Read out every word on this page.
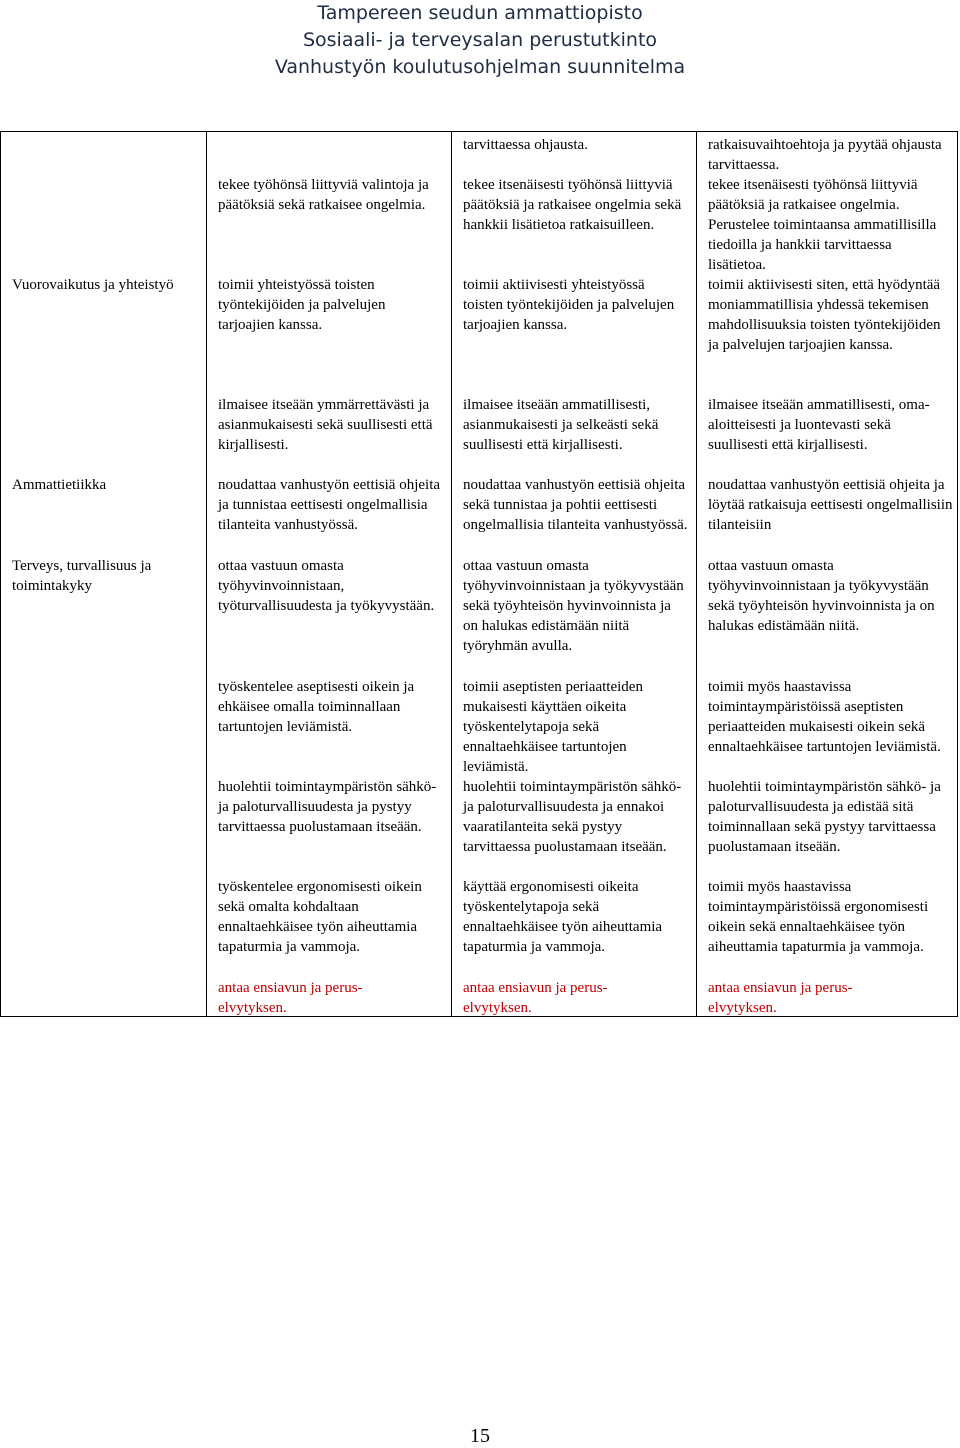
Tampereen seudun ammattiopisto
Sosiaali- ja terveysalan perustutkinto
Vanhustyön koulutusohjelman suunnitelma
Vuorovaikutus ja yhteistyö
Ammattietiikka
Terveys, turvallisuus ja toimintakyky
tekee työhönsä liittyviä valintoja ja päätöksiä sekä ratkaisee ongelmia.
toimii yhteistyössä toisten työntekijöiden ja palvelujen tarjoajien kanssa.
ilmaisee itseään ymmärrettävästi ja asianmukaisesti sekä suullisesti että kirjallisesti.
noudattaa vanhustyön eettisiä ohjeita ja tunnistaa eettisesti ongelmallisia tilanteita vanhustyössä.
ottaa vastuun omasta työhyvinvoinnistaan, työturvallisuudesta ja työkyvystään.
työskentelee aseptisesti oikein ja ehkäisee omalla toiminnallaan tartuntojen leviämistä.
huolehtii toimintaympäristön sähkö- ja paloturvallisuudesta ja pystyy tarvittaessa puolustamaan itseään.
työskentelee ergonomisesti oikein sekä omalta kohdaltaan ennaltaehkäisee työn aiheuttamia tapaturmia ja vammoja.
antaa ensiavun ja perus-elvytyksen.
tarvittaessa ohjausta.
tekee itsenäisesti työhönsä liittyviä päätöksiä ja ratkaisee ongelmia sekä hankkii lisätietoa ratkaisuilleen.
toimii aktiivisesti yhteistyössä toisten työntekijöiden ja palvelujen tarjoajien kanssa.
ilmaisee itseään ammatillisesti, asianmukaisesti ja selkeästi sekä suullisesti että kirjallisesti.
noudattaa vanhustyön eettisiä ohjeita sekä tunnistaa ja pohtii eettisesti ongelmallisia tilanteita vanhustyössä.
ottaa vastuun omasta työhyvinvoinnistaan ja työkyvystään sekä työyhteisön hyvinvoinnista ja on halukas edistämään niitä työryhmän avulla.
toimii aseptisten periaatteiden mukaisesti käyttäen oikeita työskentelytapoja sekä ennaltaehkäisee tartuntojen leviämistä.
huolehtii toimintaympäristön sähkö- ja paloturvallisuudesta ja ennakoi vaaratilanteita sekä pystyy tarvittaessa puolustamaan itseään.
käyttää ergonomisesti oikeita työskentelytapoja sekä ennaltaehkäisee työn aiheuttamia tapaturmia ja vammoja.
antaa ensiavun ja perus-elvytyksen.
ratkaisuvaihtoehtoja ja pyytää ohjausta tarvittaessa.
tekee itsenäisesti työhönsä liittyviä päätöksiä ja ratkaisee ongelmia. Perustelee toimintaansa ammatillisilla tiedoilla ja hankkii tarvittaessa lisätietoa.
toimii aktiivisesti siten, että hyödyntää moniammatillisia yhdessä tekemisen mahdollisuuksia toisten työntekijöiden ja palvelujen tarjoajien kanssa.
ilmaisee itseään ammatillisesti, oma-aloitteisesti ja luontevasti sekä suullisesti että kirjallisesti.
noudattaa vanhustyön eettisiä ohjeita ja löytää ratkaisuja eettisesti ongelmallisiin tilanteisiin
ottaa vastuun omasta työhyvinvoinnistaan ja työkyvystään sekä työyhteisön hyvinvoinnista ja on halukas edistämään niitä.
toimii myös haastavissa toimintaympäristöissä aseptisten periaatteiden mukaisesti oikein sekä ennaltaehkäisee tartuntojen leviämistä.
huolehtii toimintaympäristön sähkö- ja paloturvallisuudesta ja edistää sitä toiminnallaan sekä pystyy tarvittaessa puolustamaan itseään.
toimii myös haastavissa toimintaympäristöissä ergonomisesti oikein sekä ennaltaehkäisee työn aiheuttamia tapaturmia ja vammoja.
antaa ensiavun ja perus-elvytyksen.
15
